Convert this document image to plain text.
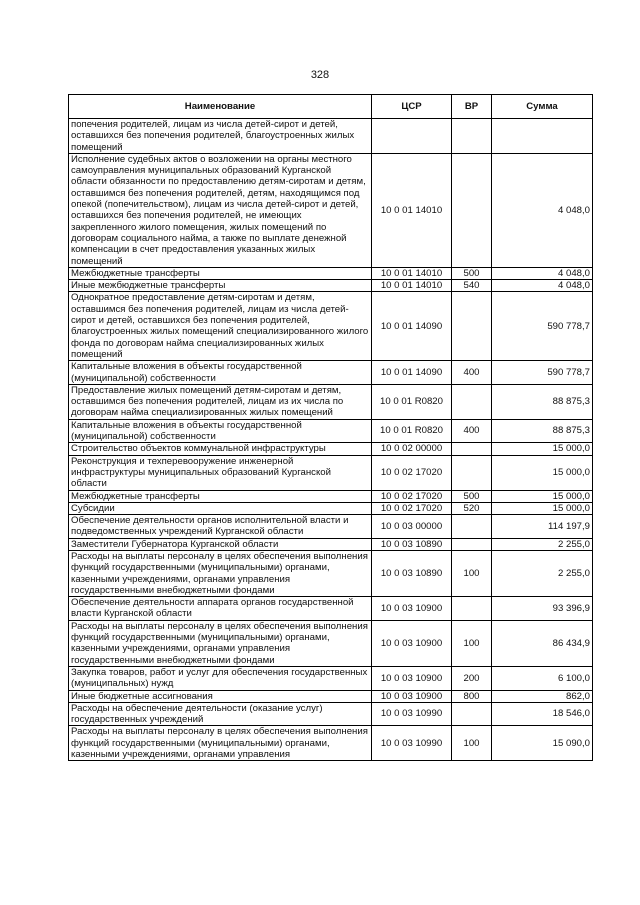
328
Наименование	ЦСР	ВР	Сумма
попечения родителей, лицам из числа детей-сирот и детей, оставшихся без попечения родителей, благоустроенных жилых помещений			
Исполнение судебных актов о возложении на органы местного самоуправления муниципальных образований Курганской области обязанности по предоставлению детям-сиротам и детям, оставшимся без попечения родителей, детям, находящимся под опекой (попечительством), лицам из числа детей-сирот и детей, оставшихся без попечения родителей, не имеющих закрепленного жилого помещения, жилых помещений по договорам социального найма, а также по выплате денежной компенсации в счет предоставления указанных жилых помещений	10 0 01 14010		4 048,0
Межбюджетные трансферты	10 0 01 14010	500	4 048,0
Иные межбюджетные трансферты	10 0 01 14010	540	4 048,0
Однократное предоставление детям-сиротам и детям, оставшимся без попечения родителей, лицам из числа детей-сирот и детей, оставшихся без попечения родителей, благоустроенных жилых помещений специализированного жилого фонда по договорам найма специализированных жилых помещений	10 0 01 14090		590 778,7
Капитальные вложения в объекты государственной (муниципальной) собственности	10 0 01 14090	400	590 778,7
Предоставление жилых помещений детям-сиротам и детям, оставшимся без попечения родителей, лицам из их числа по договорам найма специализированных жилых помещений	10 0 01 R0820		88 875,3
Капитальные вложения в объекты государственной (муниципальной) собственности	10 0 01 R0820	400	88 875,3
Строительство объектов коммунальной инфраструктуры	10 0 02 00000		15 000,0
Реконструкция и техперевооружение инженерной инфраструктуры муниципальных образований Курганской области	10 0 02 17020		15 000,0
Межбюджетные трансферты	10 0 02 17020	500	15 000,0
Субсидии	10 0 02 17020	520	15 000,0
Обеспечение деятельности органов исполнительной власти и подведомственных учреждений Курганской области	10 0 03 00000		114 197,9
Заместители Губернатора Курганской области	10 0 03 10890		2 255,0
Расходы на выплаты персоналу в целях обеспечения выполнения функций государственными (муниципальными) органами, казенными учреждениями, органами управления государственными внебюджетными фондами	10 0 03 10890	100	2 255,0
Обеспечение деятельности аппарата органов государственной власти Курганской области	10 0 03 10900		93 396,9
Расходы на выплаты персоналу в целях обеспечения выполнения функций государственными (муниципальными) органами, казенными учреждениями, органами управления государственными внебюджетными фондами	10 0 03 10900	100	86 434,9
Закупка товаров, работ и услуг для обеспечения государственных (муниципальных) нужд	10 0 03 10900	200	6 100,0
Иные бюджетные ассигнования	10 0 03 10900	800	862,0
Расходы на обеспечение деятельности (оказание услуг) государственных учреждений	10 0 03 10990		18 546,0
Расходы на выплаты персоналу в целях обеспечения выполнения функций государственными (муниципальными) органами, казенными учреждениями, органами управления	10 0 03 10990	100	15 090,0
